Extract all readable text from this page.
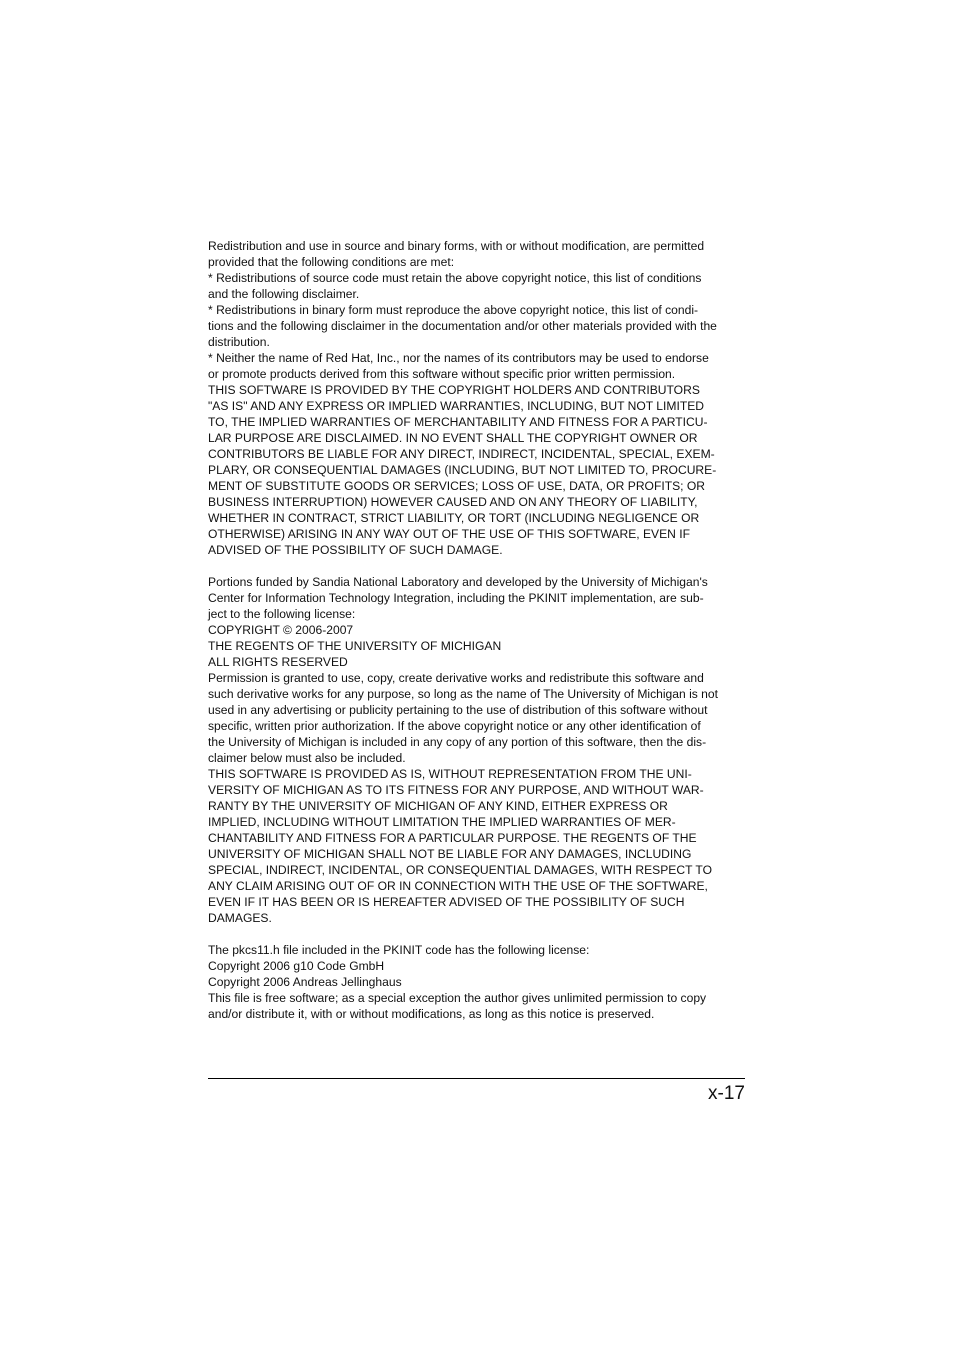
Redistribution and use in source and binary forms, with or without modification, are permitted
provided that the following conditions are met:
* Redistributions of source code must retain the above copyright notice, this list of conditions
and the following disclaimer.
* Redistributions in binary form must reproduce the above copyright notice, this list of condi-
tions and the following disclaimer in the documentation and/or other materials provided with the
distribution.
* Neither the name of Red Hat, Inc., nor the names of its contributors may be used to endorse
or promote products derived from this software without specific prior written permission.
THIS SOFTWARE IS PROVIDED BY THE COPYRIGHT HOLDERS AND CONTRIBUTORS
"AS IS" AND ANY EXPRESS OR IMPLIED WARRANTIES, INCLUDING, BUT NOT LIMITED
TO, THE IMPLIED WARRANTIES OF MERCHANTABILITY AND FITNESS FOR A PARTICU-
LAR PURPOSE ARE DISCLAIMED. IN NO EVENT SHALL THE COPYRIGHT OWNER OR
CONTRIBUTORS BE LIABLE FOR ANY DIRECT, INDIRECT, INCIDENTAL, SPECIAL, EXEM-
PLARY, OR CONSEQUENTIAL DAMAGES (INCLUDING, BUT NOT LIMITED TO, PROCURE-
MENT OF SUBSTITUTE GOODS OR SERVICES; LOSS OF USE, DATA, OR PROFITS; OR
BUSINESS INTERRUPTION) HOWEVER CAUSED AND ON ANY THEORY OF LIABILITY,
WHETHER IN CONTRACT, STRICT LIABILITY, OR TORT (INCLUDING NEGLIGENCE OR
OTHERWISE) ARISING IN ANY WAY OUT OF THE USE OF THIS SOFTWARE, EVEN IF
ADVISED OF THE POSSIBILITY OF SUCH DAMAGE.
Portions funded by Sandia National Laboratory and developed by the University of Michigan's
Center for Information Technology Integration, including the PKINIT implementation, are sub-
ject to the following license:
COPYRIGHT © 2006-2007
THE REGENTS OF THE UNIVERSITY OF MICHIGAN
ALL RIGHTS RESERVED
Permission is granted to use, copy, create derivative works and redistribute this software and
such derivative works for any purpose, so long as the name of The University of Michigan is not
used in any advertising or publicity pertaining to the use of distribution of this software without
specific, written prior authorization. If the above copyright notice or any other identification of
the University of Michigan is included in any copy of any portion of this software, then the dis-
claimer below must also be included.
THIS SOFTWARE IS PROVIDED AS IS, WITHOUT REPRESENTATION FROM THE UNI-
VERSITY OF MICHIGAN AS TO ITS FITNESS FOR ANY PURPOSE, AND WITHOUT WAR-
RANTY BY THE UNIVERSITY OF MICHIGAN OF ANY KIND, EITHER EXPRESS OR
IMPLIED, INCLUDING WITHOUT LIMITATION THE IMPLIED WARRANTIES OF MER-
CHANTABILITY AND FITNESS FOR A PARTICULAR PURPOSE. THE REGENTS OF THE
UNIVERSITY OF MICHIGAN SHALL NOT BE LIABLE FOR ANY DAMAGES, INCLUDING
SPECIAL, INDIRECT, INCIDENTAL, OR CONSEQUENTIAL DAMAGES, WITH RESPECT TO
ANY CLAIM ARISING OUT OF OR IN CONNECTION WITH THE USE OF THE SOFTWARE,
EVEN IF IT HAS BEEN OR IS HEREAFTER ADVISED OF THE POSSIBILITY OF SUCH
DAMAGES.
The pkcs11.h file included in the PKINIT code has the following license:
Copyright 2006 g10 Code GmbH
Copyright 2006 Andreas Jellinghaus
This file is free software; as a special exception the author gives unlimited permission to copy
and/or distribute it, with or without modifications, as long as this notice is preserved.
x-17
